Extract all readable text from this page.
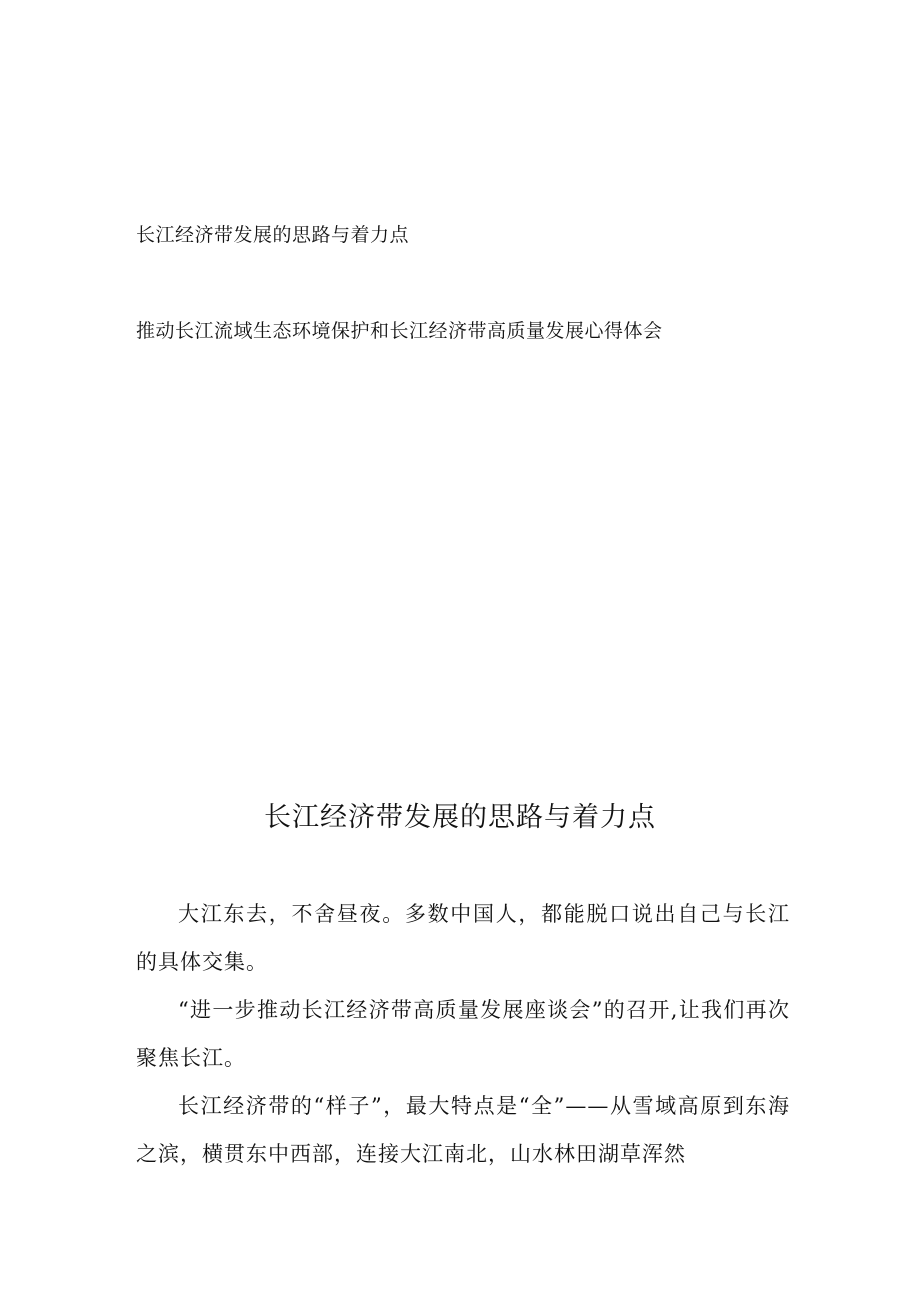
长江经济带发展的思路与着力点
推动长江流域生态环境保护和长江经济带高质量发展心得体会
长江经济带发展的思路与着力点

大江东去，不舍昼夜。多数中国人，都能脱口说出自己与长江的具体交集。

“进一步推动长江经济带高质量发展座谈会”的召开,让我们再次聚焦长江。

长江经济带的“样子”，最大特点是“全”——从雪域高原到东海之滨，横贯东中西部，连接大江南北，山水林田湖草浑然
